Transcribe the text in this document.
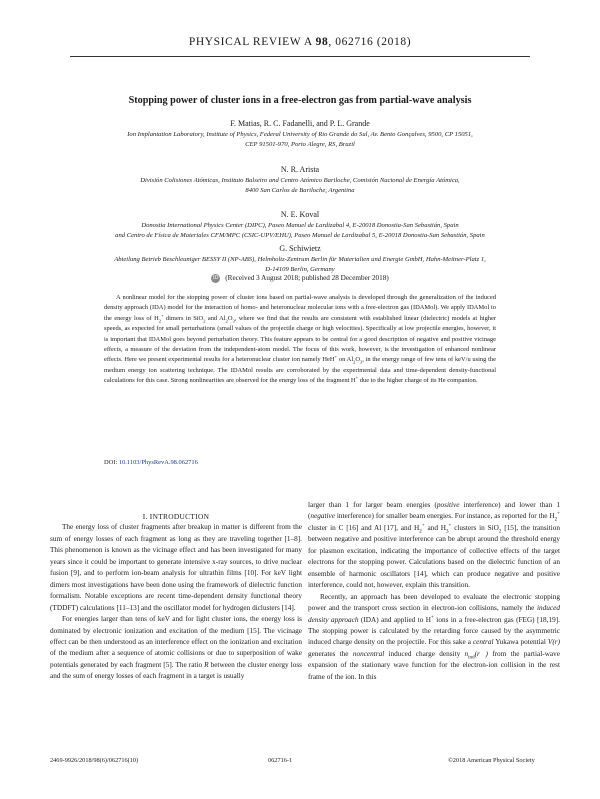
PHYSICAL REVIEW A 98, 062716 (2018)
Stopping power of cluster ions in a free-electron gas from partial-wave analysis
F. Matias, R. C. Fadanelli, and P. L. Grande
Ion Implantation Laboratory, Institute of Physics, Federal University of Rio Grande do Sul, Av. Bento Gonçalves, 9500, CP 15051,
CEP 91501-970, Porto Alegre, RS, Brazil
N. R. Arista
División Colisiones Atómicas, Instituto Balseiro and Centro Atómico Bariloche, Comisión Nacional de Energía Atómica,
8400 San Carlos de Bariloche, Argentina
N. E. Koval
Donostia International Physics Center (DIPC), Paseo Manuel de Lardizabal 4, E-20018 Donostia-San Sebastián, Spain
and Centro de Física de Materiales CFM/MPC (CSIC-UPV/EHU), Paseo Manuel de Lardizabal 5, E-20018 Donostia-San Sebastián, Spain
G. Schiwietz
Abteilung Betrieb Beschleuniger BESSY II (NP-ABS), Helmholtz-Zentrum Berlin für Materialien und Energie GmbH, Hahn-Meitner-Platz 1,
D-14109 Berlin, Germany
iD (Received 3 August 2018; published 28 December 2018)

A nonlinear model for the stopping power of cluster ions based on partial-wave analysis is developed through the generalization of the induced density approach (IDA) model for the interaction of homo- and heteronuclear molecular ions with a free-electron gas (IDAMol). We apply IDAMol to the energy loss of $H_2^+$ dimers in SiO$_2$ and $Al_2O_3$, where we find that the results are consistent with established linear (dielectric) models at higher speeds, as expected for small perturbations (small values of the projectile charge or high velocities). Specifically at low projectile energies, however, it is important that IDAMol goes beyond perturbation theory. This feature appears to be central for a good description of negative and positive vicinage effects, a measure of the deviation from the independent-atom model. The focus of this work, however, is the investigation of enhanced nonlinear effects. Here we present experimental results for a heteronuclear cluster ion namely HeH+ on $Al_2O_3$, in the energy range of few tens of keV/u using the medium energy ion scattering technique. The IDAMol results are corroborated by the experimental data and time-dependent density-functional calculations for this case. Strong nonlinearities are observed for the energy loss of the fragment H+ due to the higher charge of its He companion.

DOI: 10.1103/PhysRevA.98.062716

I. INTRODUCTION

The energy loss of cluster fragments after breakup in matter is different from the sum of energy losses of each fragment as long as they are traveling together [1–8]. This phenomenon is known as the vicinage effect and has been investigated for many years since it could be important to generate intensive x-ray sources, to drive nuclear fusion [9], and to perform ion-beam analysis for ultrathin films [10]. For keV light dimers most investigations have been done using the framework of dielectric function formalism. Notable exceptions are recent time-dependent density functional theory (TDDFT) calculations [11–13] and the oscillator model for hydrogen diclusters [14].

For energies larger than tens of keV and for light cluster ions, the energy loss is dominated by electronic ionization and excitation of the medium [15]. The vicinage effect can be then understood as an interference effect on the ionization and excitation of the medium after a sequence of atomic collisions or due to superposition of wake potentials generated by each fragment [5]. The ratio R between the cluster energy loss and the sum of energy losses of each fragment in a target is usually

larger than 1 for larger beam energies (positive interference) and lower than 1 (negative interference) for smaller beam energies. For instance, as reported for the $H_2^+$ cluster in C [16] and Al [17], and $H_2^+$ and $H_3^+$ clusters in SiO$_2$ [15], the transition between negative and positive interference can be abrupt around the threshold energy for plasmon excitation, indicating the importance of collective effects of the target electrons for the stopping power. Calculations based on the dielectric function of an ensemble of harmonic oscillators [14], which can produce negative and positive interference, could not, however, explain this transition.

Recently, an approach has been developed to evaluate the electronic stopping power and the transport cross section in electron-ion collisions, namely the induced density approach (IDA) and applied to H+ ions in a free-electron gas (FEG) [18,19]. The stopping power is calculated by the retarding force caused by the asymmetric induced charge density on the projectile. For this sake a central Yukawa potential V(r) generates the noncentral induced charge density $n_{ind}(r⃗)$ from the partial-wave expansion of the stationary wave function for the electron-ion collision in the rest frame of the ion. In this

2469-9926/2018/98(6)/062716(10)	062716-1	©2018 American Physical Society
